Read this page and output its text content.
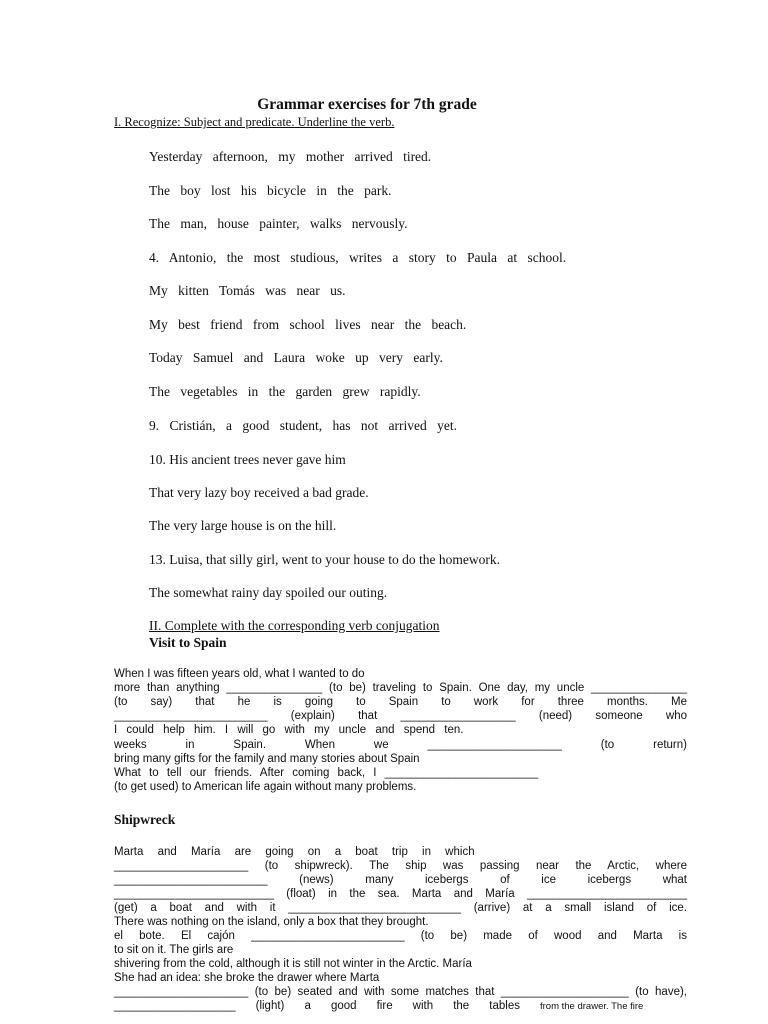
Grammar exercises for 7th grade
I. Recognize: Subject and predicate. Underline the verb.
Yesterday afternoon, my mother arrived tired.
The boy lost his bicycle in the park.
The man, house painter, walks nervously.
4. Antonio, the most studious, writes a story to Paula at school.
My kitten Tomás was near us.
My best friend from school lives near the beach.
Today Samuel and Laura woke up very early.
The vegetables in the garden grew rapidly.
9. Cristián, a good student, has not arrived yet.
10. His ancient trees never gave him
That very lazy boy received a bad grade.
The very large house is on the hill.
13. Luisa, that silly girl, went to your house to do the homework.
The somewhat rainy day spoiled our outing.
II. Complete with the corresponding verb conjugation
Visit to Spain
When I was fifteen years old, what I wanted to do
more than anything _______________ (to be) traveling to Spain. One day, my uncle _______________
(to say) that he is going to Spain to work for three months. Me
________________________ (explain) that __________________ (need) someone who
I could help him. I will go with my uncle and spend ten.
weeks in Spain. When we _____________________ (to return)
bring many gifts for the family and many stories about Spain
What to tell our friends. After coming back, I ________________________
(to get used) to American life again without many problems.
Shipwreck
Marta and María are going on a boat trip in which
_____________________ (to shipwreck). The ship was passing near the Arctic, where
________________________ (news) many icebergs of ice icebergs what
_________________________ (float) in the sea. Marta and María _________________________
(get) a boat and with it ___________________________ (arrive) at a small island of ice.
There was nothing on the island, only a box that they brought.
el bote. El cajón ________________________ (to be) made of wood and Marta is
to sit on it. The girls are
shivering from the cold, although it is still not winter in the Arctic. María
She had an idea: she broke the drawer where Marta
_____________________ (to be) seated and with some matches that ____________________ (to have),
___________________ (light) a good fire with the tables from the drawer. The fire
